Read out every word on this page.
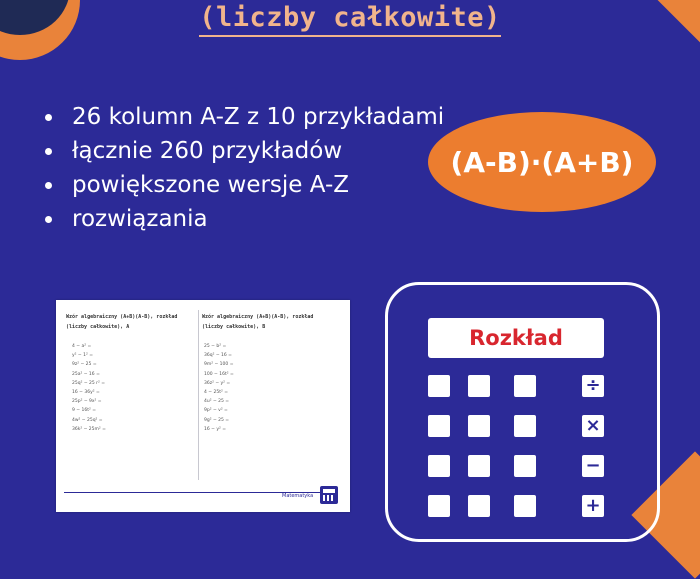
(liczby całkowite)
26 kolumn A-Z z 10 przykładami
łącznie 260 przykładów
powiększone wersje A-Z
rozwiązania
(A-B)·(A+B)
Wzór algebraiczny (A+B)(A-B), rozkład (liczby całkowite), A
4 − a² =
y² − 1² =
9z² − 25 =
25a² − 16 =
25q² − 25 r² =
16 − 36y² =
25p² − 9x² =
9 − 16t² =
4w² − 25q² =
36k² − 25m² =
Wzór algebraiczny (A+B)(A-B), rozkład (liczby całkowite), B
25 − b² =
36q² − 16 =
9m² − 100 =
100 − 16t² =
36z² − y² =
4 − 25t² =
4u² − 25 =
9p² − v² =
9g² − 25 =
16 − y² =
Matematyka
Rozkład
÷
×
−
+
